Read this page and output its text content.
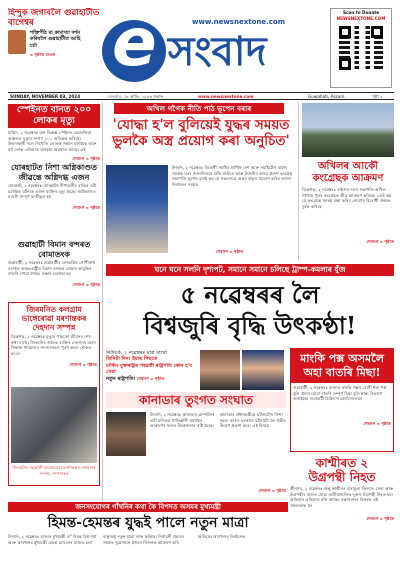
হিন্দুক জগাবলৈ গুৱাহাটীত বাগেশ্বৰ
শক্তিপীঠ মা কামাখ্যা দৰ্শন
কৰিবলৈ গুৱাহাটীত আহি
চৰ্চা
৩ পৃষ্ঠাত চাওক e সংবাদ
www.newsnextone.com
Scan to Donate
NEWSNEXTONE.COM
SUNDAY, NOVEMBER 03, 2024	দেওবাৰ, ১৮ কাতি, ১৯৪৬ শকাব্দ	www.newsnextone.com	Guwahati, Assam	পৃষ্ঠা ৪
স্পেইনত বানত ২০০ লোকৰ মৃত্যু
মাদ্ৰিদ, ২ নৱেম্বৰঃ বান বিধ্বস্ত স্পেইনৰ ভেলেন্সিয়া অঞ্চলত মৃত্যুৰ সংখ্যা ২০০ অতিক্ৰম কৰিছে। উদ্ধাৰকাৰী দলে নিখোঁজ লোকক সন্ধান চলাইছে আৰু বহু লোক এতিয়াও অসহায় অৱস্থাত আছে। এই
শেষাংশ ৩ পৃষ্ঠাত
যোৰহাটত নিশা অগ্নিকাণ্ডত জীৱন্তে অগ্নিদগ্ধ এজন
যোৰহাট, ২ নৱেম্বৰঃ যোৰহাটৰ দীপাৱলীৰ ৰাতিৰ এটা মৰ্মান্তিক ঘটনাত এজন ব্যক্তিৰ মৃত্যু হৈছে। অগ্নিকাণ্ডত ঘৰটো সম্পূৰ্ণ ভস্মীভূত হয়
শেষাংশ ৩ পৃষ্ঠাত
গুৱাহাটী বিমান বন্দৰত বোমাতংক
গুৱাহাটী, ২ নৱেম্বৰঃ গুৱাহাটীৰ লোকপ্ৰিয় গোপীনাথ বৰদলৈ আন্তঃৰাষ্ট্ৰীয় বিমান বন্দৰত বোমাৰ ভাবুকিৰ বাতৰি পোৱা গৈছে। সন্ধান চলোৱা হয়
শেষাংশ ৩ পৃষ্ঠাত
জিৰমনিত কলগ্ৰাম ভাঙ্গেৰোৱা মৰণান্তকৰ দেহদান সম্পন্ন
ডিব্ৰুগড়, ২ নৱেম্বৰঃ মৃত্যুৰ পাছতো জীৱনৰ শেষ কথা ৰাখে। জিৰমনিৰ জনৈক ব্যক্তিৰ দেহদানৰ মহান সিদ্ধান্ত পৰিয়ালৰ সদস্যসকলে পূৰণ কৰে। শোকত ক'লে
শেষাংশ ৩ পৃষ্ঠাত
জিৰমনিৰ ছোৱালী ভাঙ্গেৰোৱা মৰণান্তকৰ দেহদানৰ সম্পন্ন, সম্পাদকৰ
অখিল গগৈক নীতি পাঠ ভূপেন বৰাৰ
'যোদ্ধা হ'ল বুলিয়েই যুদ্ধৰ সময়ত ভুলকৈ অস্ত্ৰ প্ৰয়োগ কৰা অনুচিত'
উজনি, ২ নৱেম্বৰঃ বিৰোধী সমষ্টিৰ প্ৰাৰ্থিক দেশ আৰু সমষ্টিটোৰ বাৰ্মাৰ সমস্ত্ৰক ঘৰৰ জালনিগুৰে প্ৰতি যাওঁতে আৰু উজনিৰ অসম প্ৰদেশ কংগ্ৰেছ সভাপতি ভূপেন বৰাই কয় যে সকলোৱে অস্ত্ৰৰ প্ৰকৃত প্ৰয়োগ কৰিব লাগে। নিৰ্বাচনৰ সময়ত
শেষাংশ ৩ পৃষ্ঠাত
অখিলৰ আকৌ
কংগ্ৰেছক আক্ৰমণ
ডিব্ৰুগড়, ২ নৱেম্বৰঃ ৰাইজৰ দলৰ সভাপতি অখিল গগৈয়ে পুনৰ কংগ্ৰেছক তীব্ৰ আক্ৰমণ কৰিছে। তেওঁ কয় যে কংগ্ৰেছে সমন্বয় ৰক্ষা কৰিব নোৱাৰি বিৰোধী ঐক্যক দুৰ্বল কৰিছে
শেষাংশ ৩ পৃষ্ঠাত
ঘনে ঘনে সলনি দৃশ্যপট, সমানে সমানে চলিছে ট্ৰাম্প-কমলাৰ যুঁজ
৫ নৱেম্বৰৰ লৈ
বিশ্বজুৰি বৃদ্ধি উৎকণ্ঠা!
নিউয়ৰ্ক, ২ নৱেম্বৰঃ মাত্ৰ মাথো
তিনিটা দিন। ইয়াৰ পিছতে
মাৰ্কিন যুক্তৰাষ্ট্ৰৰ পৰৱৰ্তী ৰাষ্ট্ৰপতি কোন হ'ব সেয়া
নতুন ৰাষ্ট্ৰপতি। শেষাংশ ৩ পৃষ্ঠাত
মাংকি পক্স অসমলৈ অহা বাতৰি মিছা!
গুৱাহাটী, ২ নৱেম্বৰঃ ৰাজ্যত মাংকি পক্সৰ ৰোগী ধৰা পৰা বুলি প্ৰচাৰ হোৱা বাতৰি সম্পূৰ্ণ মিছা বুলি স্বাস্থ্য বিভাগে জনাইছে। গুৱাহাটী চিকিৎসা মহাবিদ্যালয়ৰ
শেষাংশ ৩ পৃষ্ঠাত
কানাডাৰ তুংগত সংঘাত
উজনি, ২ নৱেম্বৰঃ কানাডাৰ ব্ৰাম্পটনৰ এটা মন্দিৰত খালিস্তানী সমৰ্থকৰ আক্ৰমণৰ ফলত উত্তেজনাৰ সৃষ্টি হৈছে। কানাডাৰ প্ৰধানমন্ত্ৰীয়ে ঘটনাটোৰ নিন্দা কৰে। ভাৰত চৰকাৰে ঘটনাটো লৈ গভীৰ উদ্বেগ প্ৰকাশ কৰে। এই বিষয়ে
শেষাংশ ৩ পৃষ্ঠাত
কাশ্মীৰত ২
উগ্ৰপন্থী নিহত
শ্ৰীনগৰ, ২ নৱেম্বৰঃ জন্মু কাশ্মীৰৰ বাৰামুলা জিলাত সেনা আৰু উগ্ৰপন্থীৰ মাজত হোৱা গুলীয়াগুলিত দুজন উগ্ৰপন্থী নিহত হয়। অভিযান এতিয়াও চলি আছে। সন্ত্ৰাসবাদৰ বিৰুদ্ধে এই সফলতাক লৈ
শেষাংশ ৩ পৃষ্ঠাত
জনসংযোগৰ গাঁথনিৰ কথা কৈ বিপদত অসমৰ মুখ্যমন্ত্ৰী
হিমন্ত-হেমন্তৰ যুদ্ধই পালে নতুন মাত্ৰা
উজনি, ২ নৱেম্বৰঃ ৰাজ্যৰ মুখ্যমন্ত্ৰী ড° হিমন্ত বিশ্ব শৰ্মা আৰু ঝাৰখণ্ডৰ মুখ্যমন্ত্ৰী হেমন্ত চোৰেনৰ মাজত চলা বাক্যুদ্ধই নতুন মাত্ৰা লাভ কৰিছে। নিৰ্বাচনী প্ৰচাৰৰ সময়ত দুয়োজনে ইজনে সিজনক আক্ৰমণ কৰি আহিছে। ঝাৰখণ্ডৰ নিৰ্বাচনত
